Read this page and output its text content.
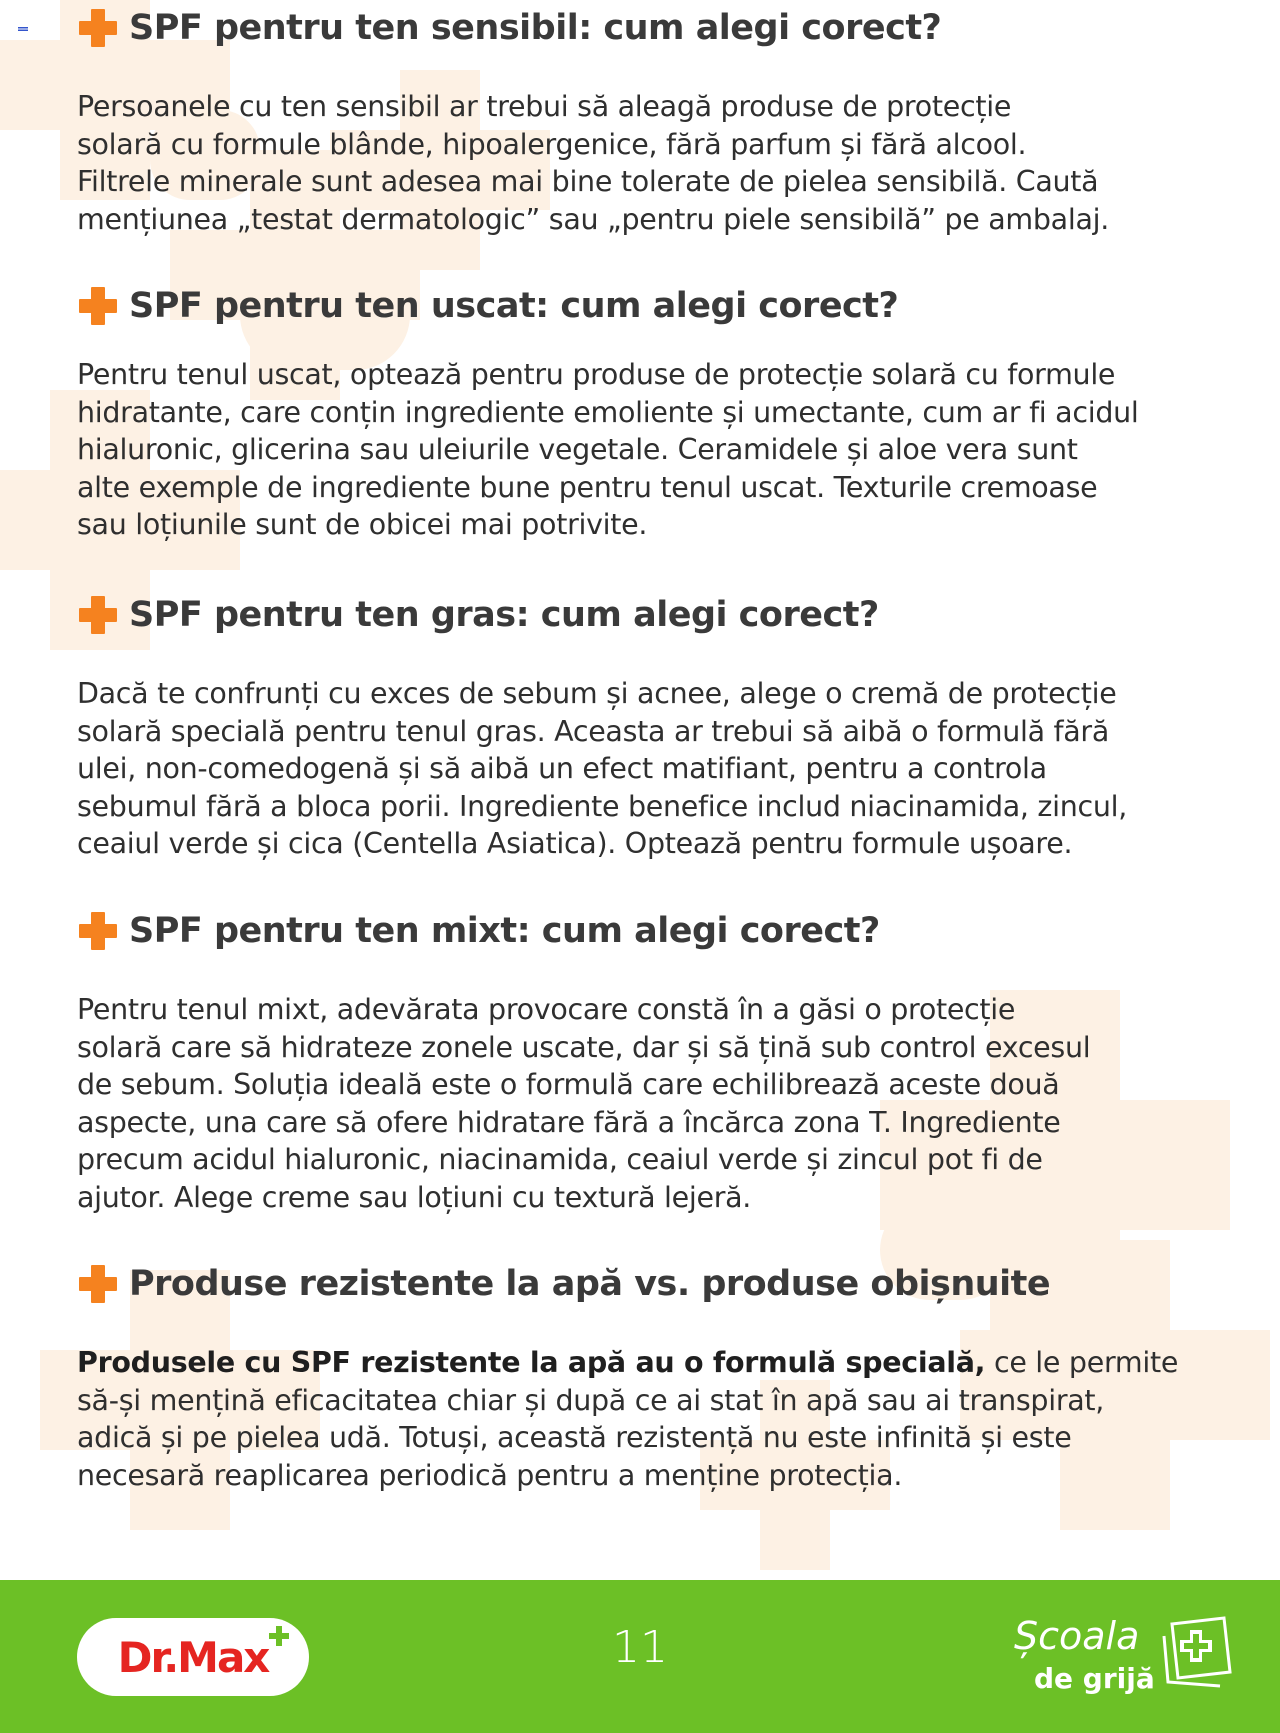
SPF pentru ten sensibil: cum alegi corect?
Persoanele cu ten sensibil ar trebui să aleagă produse de protecție
solară cu formule blânde, hipoalergenice, fără parfum și fără alcool.
Filtrele minerale sunt adesea mai bine tolerate de pielea sensibilă. Caută
mențiunea „testat dermatologic” sau „pentru piele sensibilă” pe ambalaj.
SPF pentru ten uscat: cum alegi corect?
Pentru tenul uscat, optează pentru produse de protecție solară cu formule
hidratante, care conțin ingrediente emoliente și umectante, cum ar fi acidul
hialuronic, glicerina sau uleiurile vegetale. Ceramidele și aloe vera sunt
alte exemple de ingrediente bune pentru tenul uscat. Texturile cremoase
sau loțiunile sunt de obicei mai potrivite.
SPF pentru ten gras: cum alegi corect?
Dacă te confrunți cu exces de sebum și acnee, alege o cremă de protecție
solară specială pentru tenul gras. Aceasta ar trebui să aibă o formulă fără
ulei, non-comedogenă și să aibă un efect matifiant, pentru a controla
sebumul fără a bloca porii. Ingrediente benefice includ niacinamida, zincul,
ceaiul verde și cica (Centella Asiatica). Optează pentru formule ușoare.
SPF pentru ten mixt: cum alegi corect?
Pentru tenul mixt, adevărata provocare constă în a găsi o protecție
solară care să hidrateze zonele uscate, dar și să țină sub control excesul
de sebum. Soluția ideală este o formulă care echilibrează aceste două
aspecte, una care să ofere hidratare fără a încărca zona T. Ingrediente
precum acidul hialuronic, niacinamida, ceaiul verde și zincul pot fi de
ajutor. Alege creme sau loțiuni cu textură lejeră.
Produse rezistente la apă vs. produse obișnuite
Produsele cu SPF rezistente la apă au o formulă specială, ce le permite
să-și mențină eficacitatea chiar și după ce ai stat în apă sau ai transpirat,
adică și pe pielea udă. Totuși, această rezistență nu este infinită și este
necesară reaplicarea periodică pentru a menține protecția.
Dr.Max	11	Școala
de grijă
